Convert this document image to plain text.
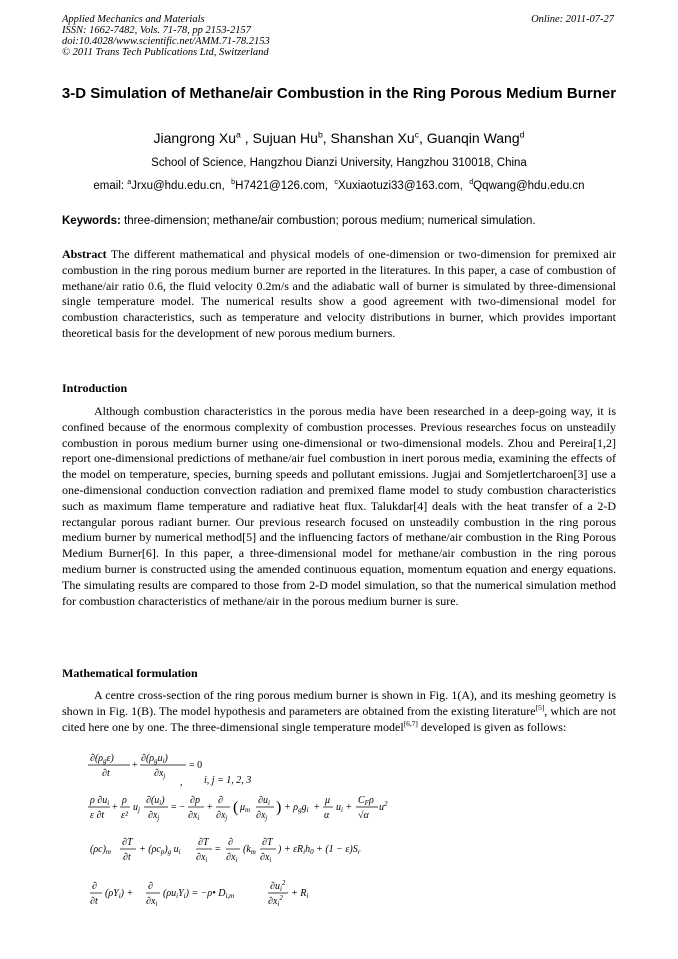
Applied Mechanics and Materials
ISSN: 1662-7482, Vols. 71-78, pp 2153-2157
doi:10.4028/www.scientific.net/AMM.71-78.2153
© 2011 Trans Tech Publications Ltd, Switzerland
Online: 2011-07-27
3-D Simulation of Methane/air Combustion in the Ring Porous Medium Burner
Jiangrong Xu$^a$ , Sujuan Hu$^b$, Shanshan Xu$^c$, Guanqin Wang$^d$
School of Science, Hangzhou Dianzi University, Hangzhou 310018, China
email: $^a$Jrxu@hdu.edu.cn, $^b$H7421@126.com, $^c$Xuxiaotuzi33@163.com, $^d$Qqwang@hdu.edu.cn
Keywords: three-dimension; methane/air combustion; porous medium; numerical simulation.
Abstract The different mathematical and physical models of one-dimension or two-dimension for premixed air combustion in the ring porous medium burner are reported in the literatures. In this paper, a case of combustion of methane/air ratio 0.6, the fluid velocity 0.2m/s and the adiabatic wall of burner is simulated by three-dimensional single temperature model. The numerical results show a good agreement with two-dimensional model for combustion characteristics, such as temperature and velocity distributions in burner, which provides important theoretical basis for the development of new porous medium burners.
Introduction
Although combustion characteristics in the porous media have been researched in a deep-going way, it is confined because of the enormous complexity of combustion processes. Previous researches focus on unsteadily combustion in porous medium burner using one-dimensional or two-dimensional models. Zhou and Pereira[1,2] report one-dimensional predictions of methane/air fuel combustion in inert porous media, examining the effects of the model on temperature, species, burning speeds and pollutant emissions. Jugjai and Somjetlertcharoen[3] use a one-dimensional conduction convection radiation and premixed flame model to study combustion characteristics such as maximum flame temperature and radiative heat flux. Talukdar[4] deals with the heat transfer of a 2-D rectangular porous radiant burner. Our previous research focused on unsteadily combustion in the ring porous medium burner by numerical method[5] and the influencing factors of methane/air combustion in the Ring Porous Medium Burner[6]. In this paper, a three-dimensional model for methane/air combustion in the ring porous medium burner is constructed using the amended continuous equation, momentum equation and energy equations. The simulating results are compared to those from 2-D model simulation, so that the numerical simulation method for combustion characteristics of methane/air in the porous medium burner is sure.
Mathematical formulation
A centre cross-section of the ring porous medium burner is shown in Fig. 1(A), and its meshing geometry is shown in Fig. 1(B). The model hypothesis and parameters are obtained from the existing literature[5], which are not cited here one by one. The three-dimensional single temperature model[6,7] developed is given as follows:
$\partial(\rho_g\varepsilon)$
∂t
+
$\partial(\rho_gu_i)$
$\partial x_j$
= 0
, i, j = 1, 2, 3
ρ $\partial u_i$
ε ∂t
+
ρ
ε²
$u_j$
$\partial(u_i)$
$\partial x_j$
= −
∂p
$\partial x_i$
+
∂
$\partial x_j$
( $\mu_m$
$\partial u_i$
$\partial x_j$
) + $\rho_gg_i$ +
μ
α
$u_i$ +
$C_F\rho$
√α
$u^2$
$(\rho c)_m$
∂T
∂t
+ $(\rho c_p)_g$ $u_i$
∂T
$\partial x_i$
=
∂
$\partial x_i$
($k_m$
∂T
$\partial x_i$
) + $\varepsilon R_ih_0 + (1 - \varepsilon)S_r$
∂
∂t
$(\rho Y_i)$ +
∂
$\partial x_i$
$(\rho u_iY_i)$ = −ρ• $D_{i,m}$
$\partial u_i^2$
$\partial x_i^2 + R_i$
